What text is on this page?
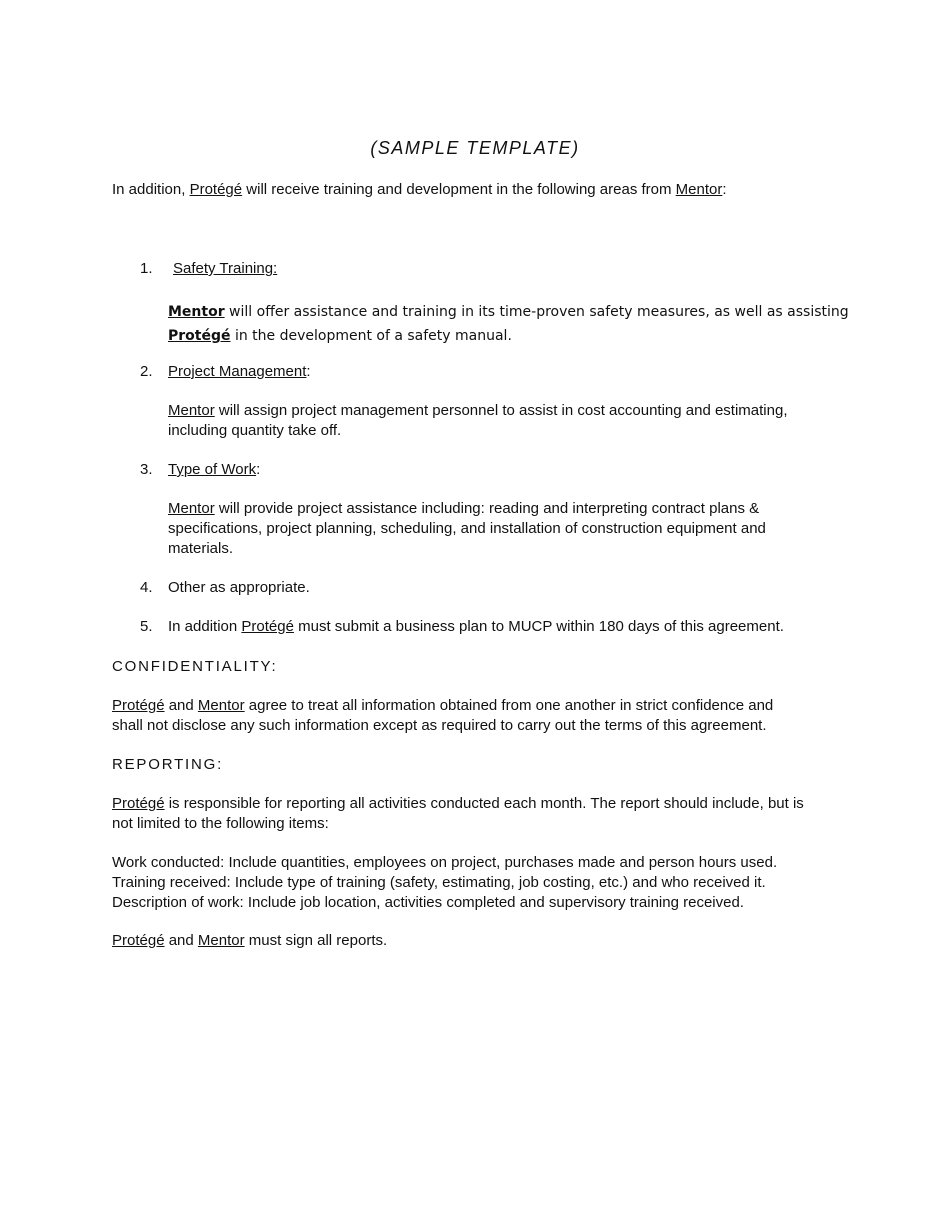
(SAMPLE TEMPLATE)
In addition, Protégé will receive training and development in the following areas from Mentor:
1. Safety Training:
Mentor will offer assistance and training in its time-proven safety measures, as well as assisting
Protégé in the development of a safety manual.
2. Project Management:
Mentor will assign project management personnel to assist in cost accounting and estimating,
including quantity take off.
3. Type of Work:
Mentor will provide project assistance including: reading and interpreting contract plans &
specifications, project planning, scheduling, and installation of construction equipment and
materials.
4. Other as appropriate.
5. In addition Protégé must submit a business plan to MUCP within 180 days of this agreement.
CONFIDENTIALITY:
Protégé and Mentor agree to treat all information obtained from one another in strict confidence and
shall not disclose any such information except as required to carry out the terms of this agreement.
REPORTING:
Protégé is responsible for reporting all activities conducted each month. The report should include, but is
not limited to the following items:
Work conducted: Include quantities, employees on project, purchases made and person hours used.
Training received: Include type of training (safety, estimating, job costing, etc.) and who received it.
Description of work: Include job location, activities completed and supervisory training received.
Protégé and Mentor must sign all reports.
